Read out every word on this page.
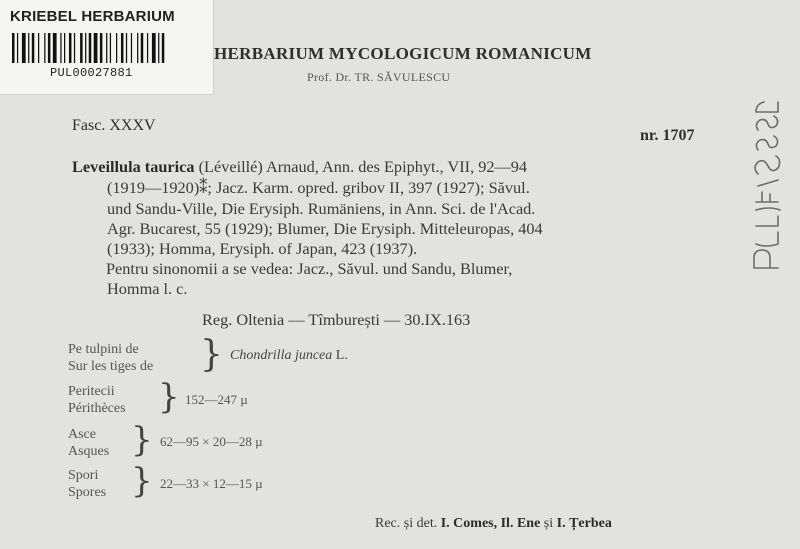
KRIEBEL HERBARIUM
PUL00027881
HERBARIUM MYCOLOGICUM ROMANICUM
Prof. Dr. TR. SĂVULESCU
Fasc. XXXV
nr. 1707
Leveillula taurica (Léveillé) Arnaud, Ann. des Epiphyt., VII, 92—94
(1919—1920)⁑; Jacz. Karm. opred. gribov II, 397 (1927); Săvul.
und Sandu-Ville, Die Erysiph. Rumäniens, in Ann. Sci. de l'Acad.
Agr. Bucarest, 55 (1929); Blumer, Die Erysiph. Mitteleuropas, 404
(1933); Homma, Erysiph. of Japan, 423 (1937).
Pentru sinonomii a se vedea: Jacz., Săvul. und Sandu, Blumer,
Homma l. c.
Reg. Oltenia — Tîmburești — 30.IX.163
Pe tulpini de
Sur les tiges de } Chondrilla juncea L.
Peritecii
Périthèces } 152—247 µ
Asce
Asques } 62—95 × 20—28 µ
Spori
Spores } 22—33 × 12—15 µ
Rec. și det. I. Comes, Il. Ene și I. Țerbea
